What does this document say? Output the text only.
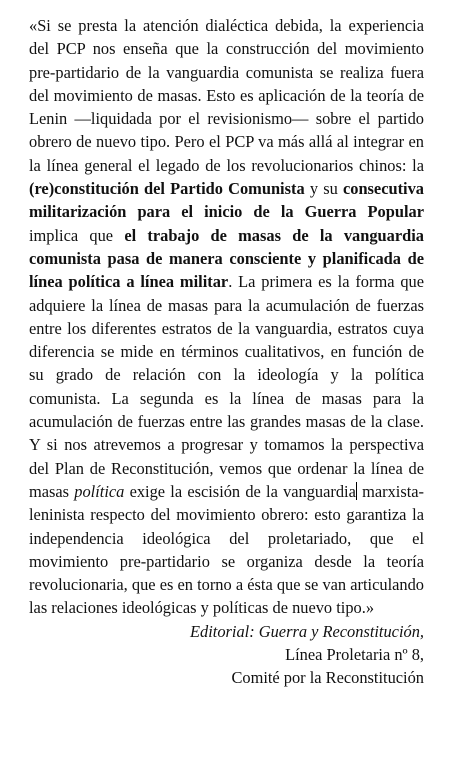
«Si se presta la atención dialéctica debida, la experiencia del PCP nos enseña que la construcción del movimiento pre-partidario de la vanguardia comunista se realiza fuera del movimiento de masas. Esto es aplicación de la teoría de Lenin —liquidada por el revisionismo— sobre el partido obrero de nuevo tipo. Pero el PCP va más allá al integrar en la línea general el legado de los revolucionarios chinos: la (re)constitución del Partido Comunista y su consecutiva militarización para el inicio de la Guerra Popular implica que el trabajo de masas de la vanguardia comunista pasa de manera consciente y planificada de línea política a línea militar. La primera es la forma que adquiere la línea de masas para la acumulación de fuerzas entre los diferentes estratos de la vanguardia, estratos cuya diferencia se mide en términos cualitativos, en función de su grado de relación con la ideología y la política comunista. La segunda es la línea de masas para la acumulación de fuerzas entre las grandes masas de la clase. Y si nos atrevemos a progresar y tomamos la perspectiva del Plan de Reconstitución, vemos que ordenar la línea de masas política exige la escisión de la vanguardia marxista-leninista respecto del movimiento obrero: esto garantiza la independencia ideológica del proletariado, que el movimiento pre-partidario se organiza desde la teoría revolucionaria, que es en torno a ésta que se van articulando las relaciones ideológicas y políticas de nuevo tipo.»

Editorial: Guerra y Reconstitución,
Línea Proletaria nº 8,
Comité por la Reconstitución
